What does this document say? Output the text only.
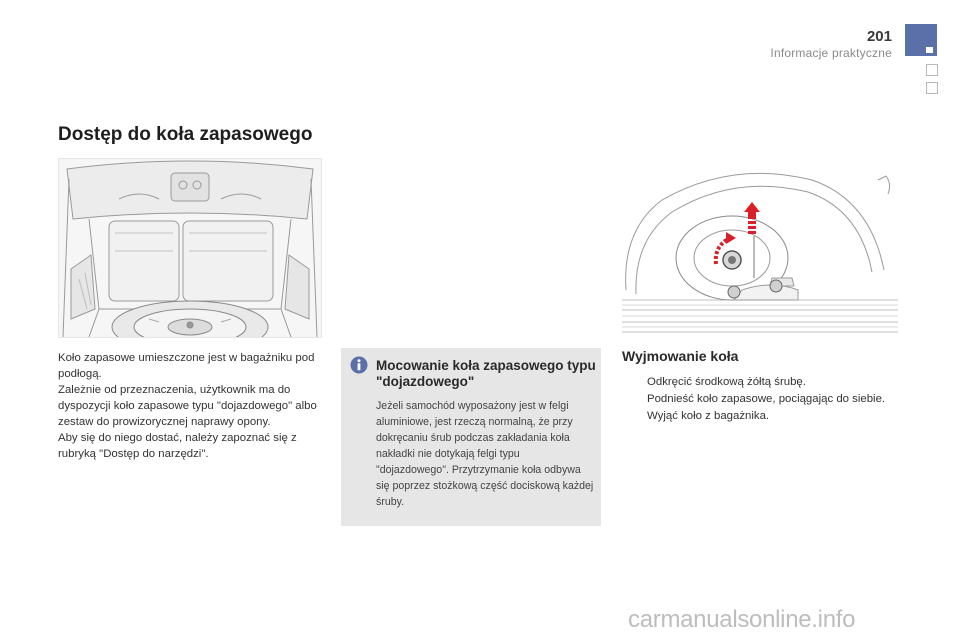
201
Informacje praktyczne
Dostęp do koła zapasowego

Koło zapasowe umieszczone jest w bagażniku pod podłogą.

Zależnie od przeznaczenia, użytkownik ma do dyspozycji koło zapasowe typu "dojazdowego" albo zestaw do prowizorycznej naprawy opony.

Aby się do niego dostać, należy zapoznać się z rubryką "Dostęp do narzędzi".

Mocowanie koła zapasowego typu "dojazdowego"
Jeżeli samochód wyposażony jest w felgi aluminiowe, jest rzeczą normalną, że przy dokręcaniu śrub podczas zakładania koła nakładki nie dotykają felgi typu "dojazdowego". Przytrzymanie koła odbywa się poprzez stożkową część dociskową każdej śruby.
Wyjmowanie koła
Odkręcić środkową żółtą śrubę.
Podnieść koło zapasowe, pociągając do siebie.
Wyjąć koło z bagażnika.
carmanualsonline.info
